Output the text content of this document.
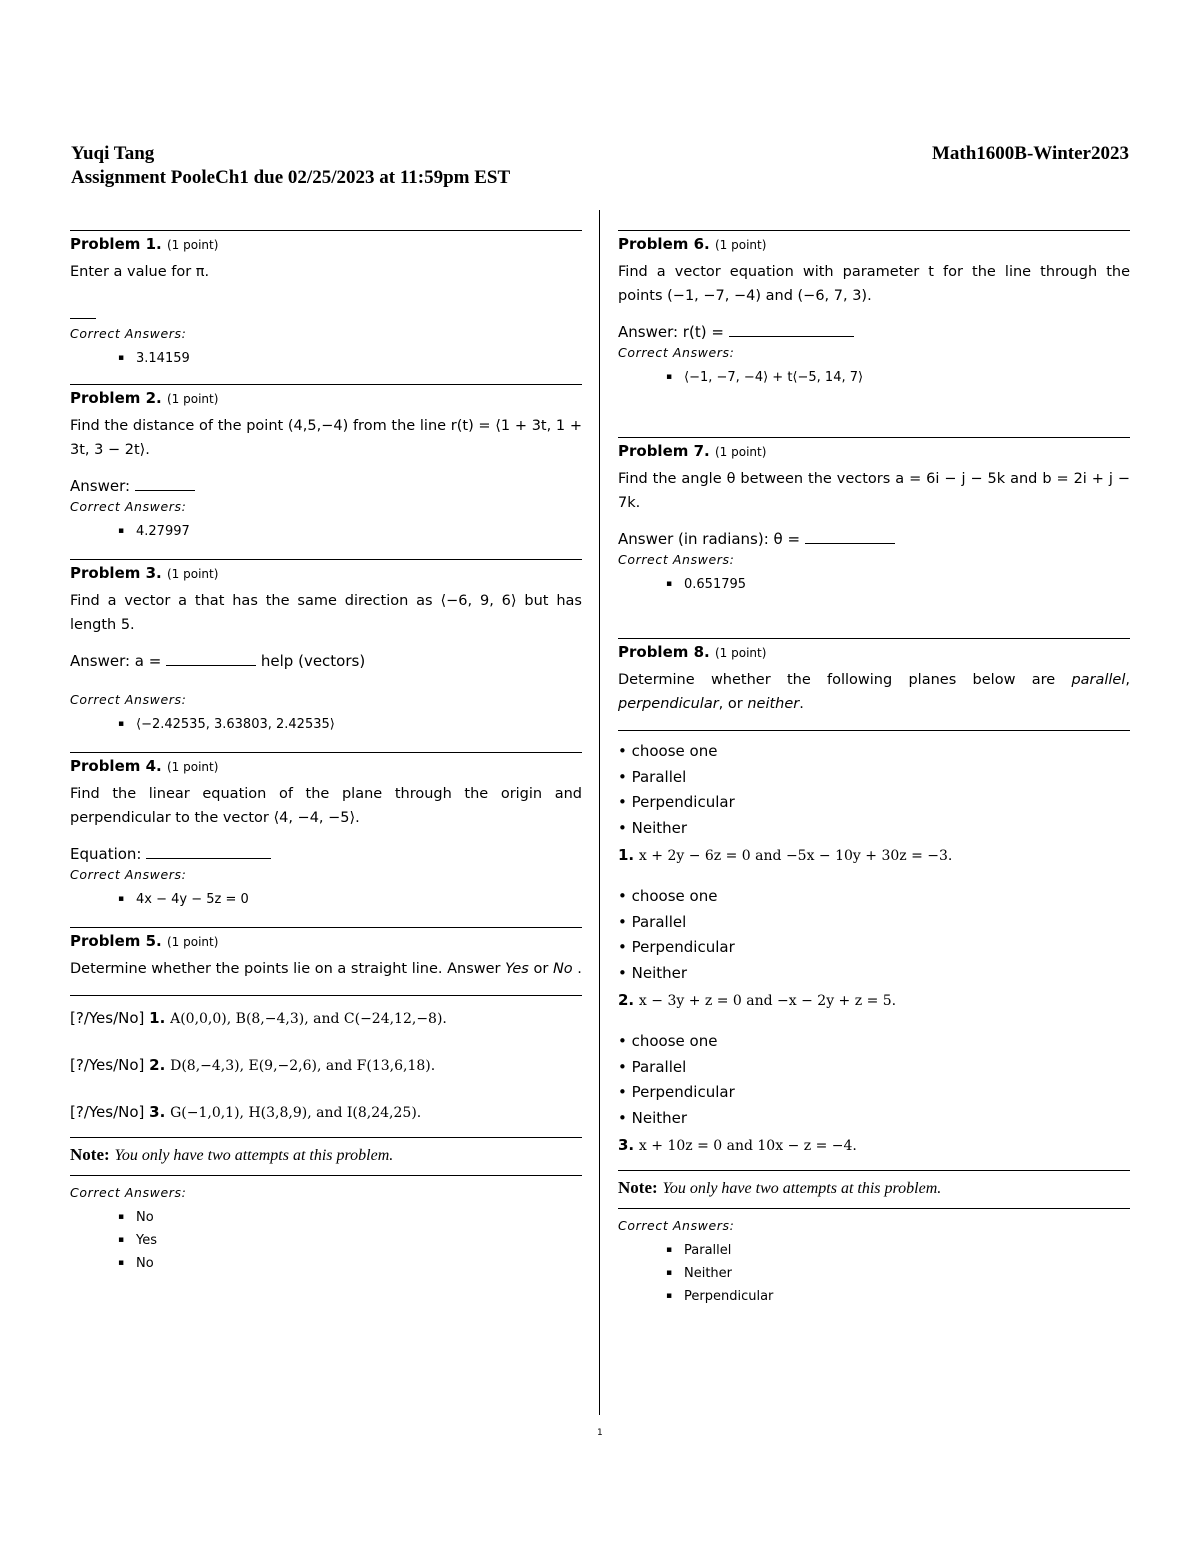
Yuqi Tang
Assignment PooleCh1 due 02/25/2023 at 11:59pm EST
Math1600B-Winter2023
Problem 1. (1 point)
Enter a value for π.
Correct Answers:
▪ 3.14159
Problem 2. (1 point)
Find the distance of the point (4,5,−4) from the line r(t) = ⟨1 + 3t, 1 + 3t, 3 − 2t⟩.
Answer:
Correct Answers:
▪ 4.27997
Problem 3. (1 point)
Find a vector a that has the same direction as ⟨−6, 9, 6⟩ but has length 5.
Answer: a =	help (vectors)
Correct Answers:
▪ ⟨−2.42535, 3.63803, 2.42535⟩
Problem 4. (1 point)
Find the linear equation of the plane through the origin and perpendicular to the vector ⟨4, −4, −5⟩.
Equation:
Correct Answers:
▪ 4x − 4y − 5z = 0
Problem 5. (1 point)
Determine whether the points lie on a straight line. Answer Yes or No .
[?/Yes/No] 1. A(0,0,0), B(8,−4,3), and C(−24,12,−8).
[?/Yes/No] 2. D(8,−4,3), E(9,−2,6), and F(13,6,18).
[?/Yes/No] 3. G(−1,0,1), H(3,8,9), and I(8,24,25).
Note: You only have two attempts at this problem.
Correct Answers:
▪ No
▪ Yes
▪ No
Problem 6. (1 point)
Find a vector equation with parameter t for the line through the points (−1, −7, −4) and (−6, 7, 3).
Answer: r(t) =
Correct Answers:
▪ ⟨−1, −7, −4⟩ + t⟨−5, 14, 7⟩
Problem 7. (1 point)
Find the angle θ between the vectors a = 6i − j − 5k and b = 2i + j − 7k.
Answer (in radians): θ =
Correct Answers:
▪ 0.651795
Problem 8. (1 point)
Determine whether the following planes below are parallel, perpendicular, or neither.
• choose one
• Parallel
• Perpendicular
• Neither
1. x + 2y − 6z = 0 and −5x − 10y + 30z = −3.
• choose one
• Parallel
• Perpendicular
• Neither
2. x − 3y + z = 0 and −x − 2y + z = 5.
• choose one
• Parallel
• Perpendicular
• Neither
3. x + 10z = 0 and 10x − z = −4.
Note: You only have two attempts at this problem.
Correct Answers:
▪ Parallel
▪ Neither
▪ Perpendicular
1
